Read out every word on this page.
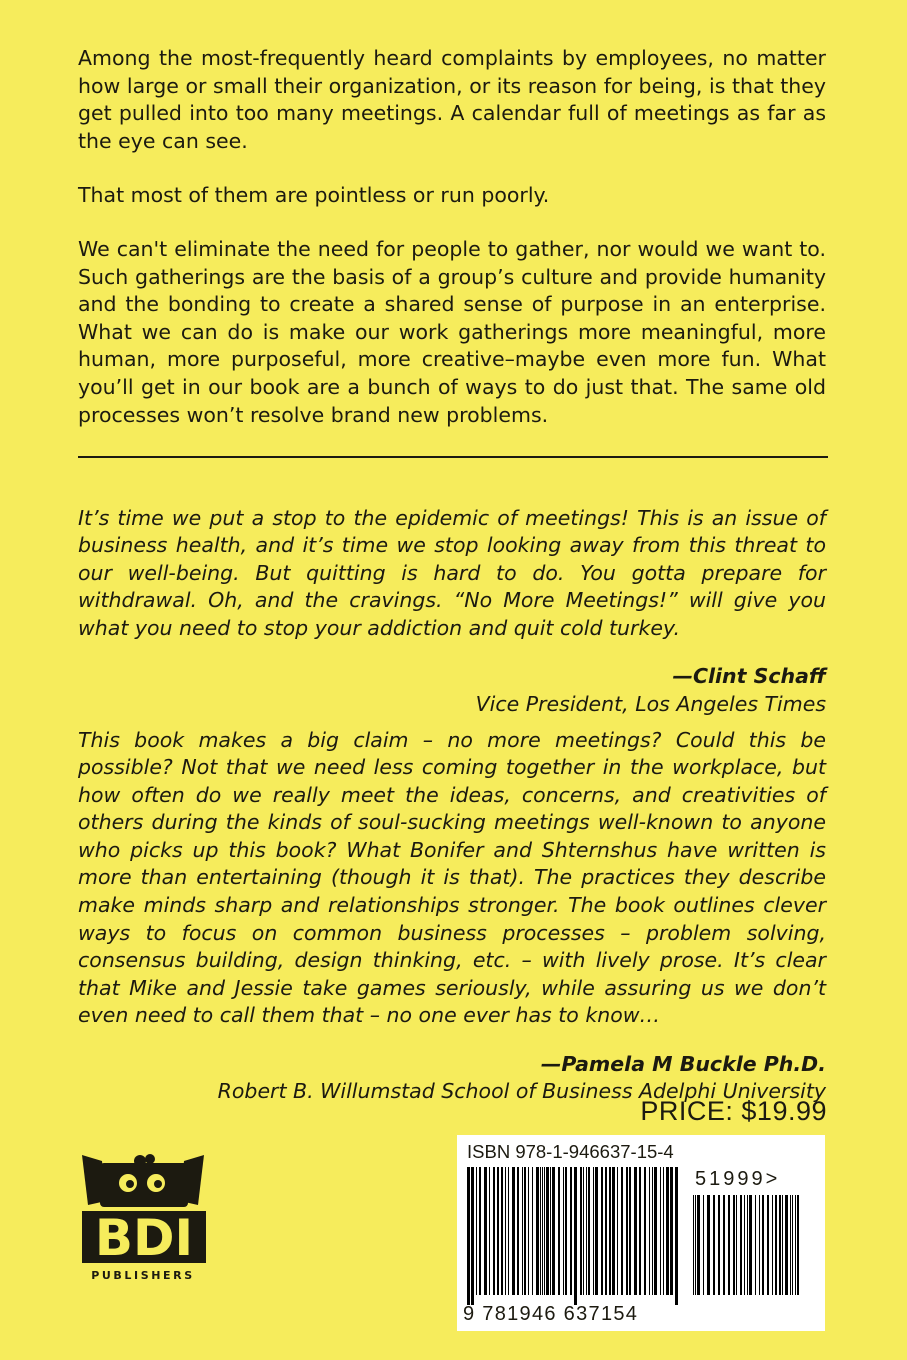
Among the most-frequently heard complaints by employees, no matter how large or small their organization, or its reason for being, is that they get pulled into too many meetings. A calendar full of meetings as far as the eye can see.

That most of them are pointless or run poorly.

We can't eliminate the need for people to gather, nor would we want to. Such gatherings are the basis of a group’s culture and provide humanity and the bonding to create a shared sense of purpose in an enterprise. What we can do is make our work gatherings more meaningful, more human, more purposeful, more creative–maybe even more fun. What you’ll get in our book are a bunch of ways to do just that. The same old processes won’t resolve brand new problems.

It’s time we put a stop to the epidemic of meetings! This is an issue of business health, and it’s time we stop looking away from this threat to our well-being. But quitting is hard to do. You gotta prepare for withdrawal. Oh, and the cravings. “No More Meetings!” will give you what you need to stop your addiction and quit cold turkey.

—Clint Schaff
Vice President, Los Angeles Times

This book makes a big claim – no more meetings? Could this be possible? Not that we need less coming together in the workplace, but how often do we really meet the ideas, concerns, and creativities of others during the kinds of soul-sucking meetings well-known to anyone who picks up this book? What Bonifer and Shternshus have written is more than entertaining (though it is that). The practices they describe make minds sharp and relationships stronger. The book outlines clever ways to focus on common business processes – problem solving, consensus building, design thinking, etc. – with lively prose. It’s clear that Mike and Jessie take games seriously, while assuring us we don’t even need to call them that – no one ever has to know…

—Pamela M Buckle Ph.D.
Robert B. Willumstad School of Business Adelphi University

PRICE: $19.99
BDI
PUBLISHERS
ISBN 978-1-946637-15-4
51999>
9 781946 637154
